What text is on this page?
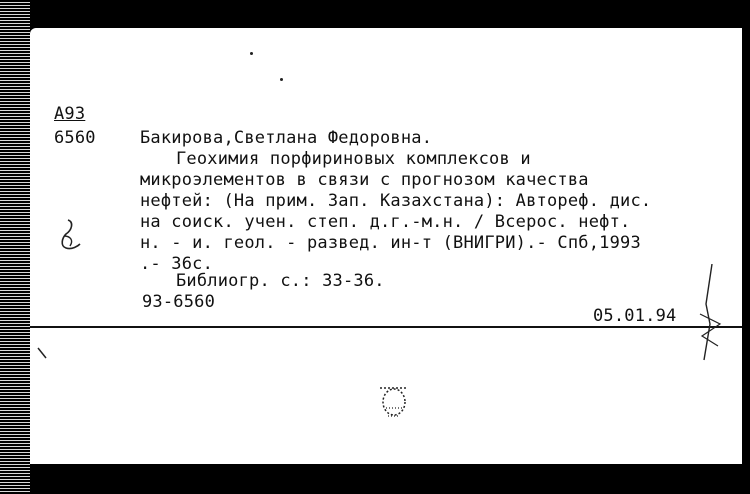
А93
6560	Бакирова,Светлана Федоровна.
Геохимия порфириновых комплексов и
микроэлементов в связи с прогнозом качества
нефтей: (На прим. Зап. Казахстана): Автореф. дис.
на соиск. учен. степ. д.г.-м.н. / Всерос. нефт.
н. - и. геол. - развед. ин-т (ВНИГРИ).- Спб,1993
.- 36с.
Библиогр. с.: 33-36.
93-6560
05.01.94
